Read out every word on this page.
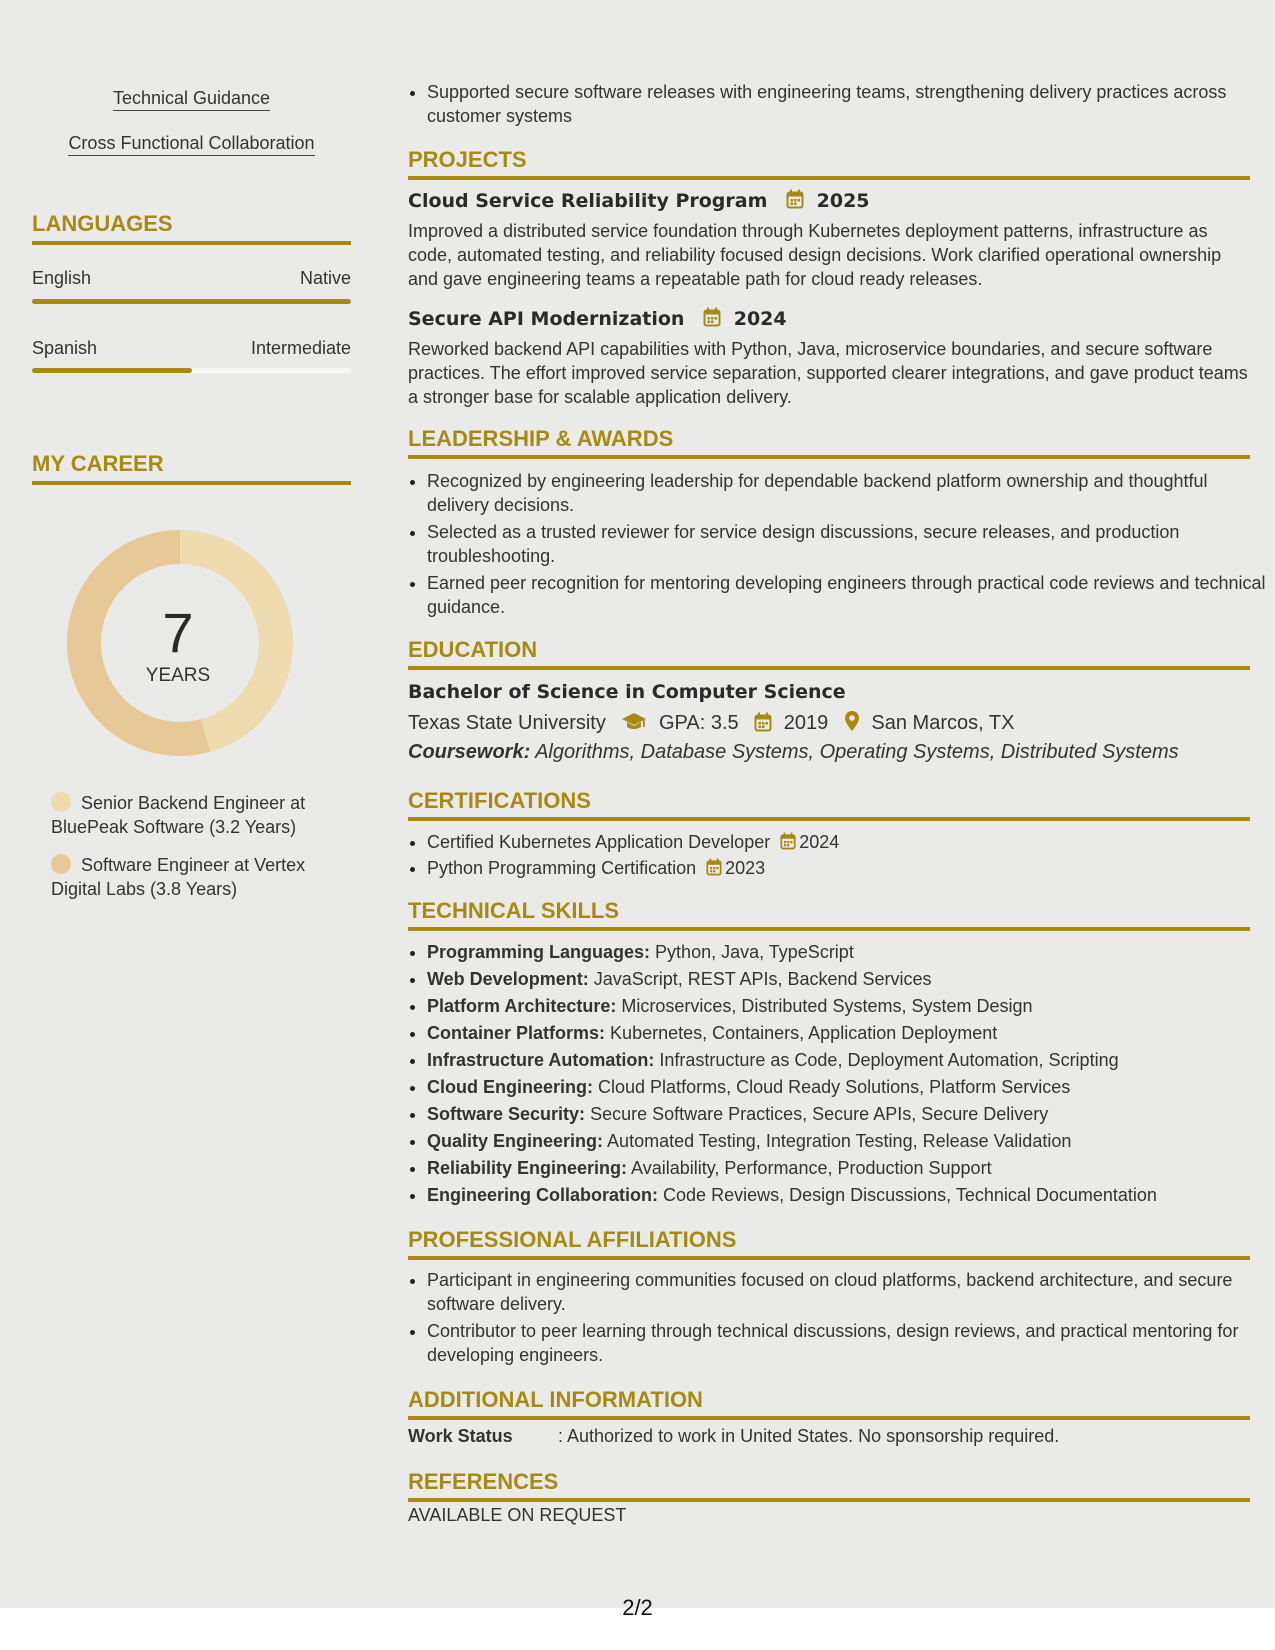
Technical Guidance
Cross Functional Collaboration
LANGUAGES
English	Native
Spanish	Intermediate
MY CAREER
7
YEARS
Senior Backend Engineer at BluePeak Software (3.2 Years)
Software Engineer at Vertex Digital Labs (3.8 Years)
• Supported secure software releases with engineering teams, strengthening delivery practices across customer systems
PROJECTS
Cloud Service Reliability Program	2025
Improved a distributed service foundation through Kubernetes deployment patterns, infrastructure as code, automated testing, and reliability focused design decisions. Work clarified operational ownership and gave engineering teams a repeatable path for cloud ready releases.
Secure API Modernization	2024
Reworked backend API capabilities with Python, Java, microservice boundaries, and secure software practices. The effort improved service separation, supported clearer integrations, and gave product teams a stronger base for scalable application delivery.
LEADERSHIP & AWARDS
• Recognized by engineering leadership for dependable backend platform ownership and thoughtful delivery decisions.
• Selected as a trusted reviewer for service design discussions, secure releases, and production troubleshooting.
• Earned peer recognition for mentoring developing engineers through practical code reviews and technical guidance.
EDUCATION
Bachelor of Science in Computer Science
Texas State University	GPA: 3.5 2019 San Marcos, TX
Coursework: Algorithms, Database Systems, Operating Systems, Distributed Systems
CERTIFICATIONS
• Certified Kubernetes Application Developer 2024
• Python Programming Certification 2023
TECHNICAL SKILLS
• Programming Languages: Python, Java, TypeScript
• Web Development: JavaScript, REST APIs, Backend Services
• Platform Architecture: Microservices, Distributed Systems, System Design
• Container Platforms: Kubernetes, Containers, Application Deployment
• Infrastructure Automation: Infrastructure as Code, Deployment Automation, Scripting
• Cloud Engineering: Cloud Platforms, Cloud Ready Solutions, Platform Services
• Software Security: Secure Software Practices, Secure APIs, Secure Delivery
• Quality Engineering: Automated Testing, Integration Testing, Release Validation
• Reliability Engineering: Availability, Performance, Production Support
• Engineering Collaboration: Code Reviews, Design Discussions, Technical Documentation
PROFESSIONAL AFFILIATIONS
• Participant in engineering communities focused on cloud platforms, backend architecture, and secure software delivery.
• Contributor to peer learning through technical discussions, design reviews, and practical mentoring for developing engineers.
ADDITIONAL INFORMATION
Work Status	: Authorized to work in United States. No sponsorship required.
REFERENCES
AVAILABLE ON REQUEST
2/2
